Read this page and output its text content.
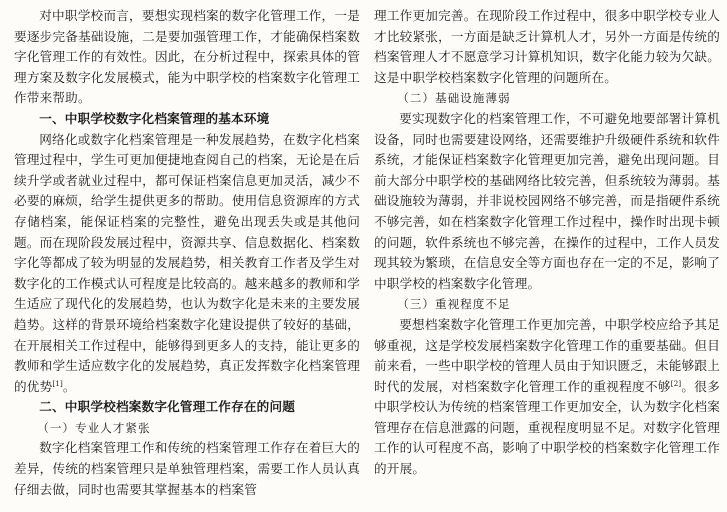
对中职学校而言，要想实现档案的数字化管理工作，一是要逐步完备基础设施，二是要加强管理工作，才能确保档案数字化管理工作的有效性。因此，在分析过程中，探索具体的管理方案及数字化发展模式，能为中职学校的档案数字化管理工作带来帮助。

一、中职学校数字化档案管理的基本环境

网络化或数字化档案管理是一种发展趋势，在数字化档案管理过程中，学生可更加便捷地查阅自己的档案，无论是在后续升学或者就业过程中，都可保证档案信息更加灵活，减少不必要的麻烦，给学生提供更多的帮助。使用信息资源库的方式存储档案，能保证档案的完整性，避免出现丢失或是其他问题。而在现阶段发展过程中，资源共享、信息数据化、档案数字化等都成了较为明显的发展趋势，相关教育工作者及学生对数字化的工作模式认可程度是比较高的。越来越多的教师和学生适应了现代化的发展趋势，也认为数字化是未来的主要发展趋势。这样的背景环境给档案数字化建设提供了较好的基础，在开展相关工作过程中，能够得到更多人的支持，能让更多的教师和学生适应数字化的发展趋势，真正发挥数字化档案管理的优势[1]。

二、中职学校档案数字化管理工作存在的问题

（一）专业人才紧张

数字化档案管理工作和传统的档案管理工作存在着巨大的差异，传统的档案管理只是单独管理档案，需要工作人员认真仔细去做，同时也需要其掌握基本的档案管

理工作更加完善。在现阶段工作过程中，很多中职学校专业人才比较紧张，一方面是缺乏计算机人才，另外一方面是传统的档案管理人才不愿意学习计算机知识，数字化能力较为欠缺。这是中职学校档案数字化管理的问题所在。

（二）基础设施薄弱

要实现数字化的档案管理工作，不可避免地要部署计算机设备，同时也需要建设网络，还需要维护升级硬件系统和软件系统，才能保证档案数字化管理更加完善，避免出现问题。目前大部分中职学校的基础网络比较完善，但系统较为薄弱。基础设施较为薄弱，并非说校园网络不够完善，而是指硬件系统不够完善，如在档案数字化管理工作过程中，操作时出现卡顿的问题，软件系统也不够完善，在操作的过程中，工作人员发现其较为繁琐，在信息安全等方面也存在一定的不足，影响了中职学校的档案数字化管理。

（三）重视程度不足

要想档案数字化管理工作更加完善，中职学校应给予其足够重视，这是学校发展档案数字化管理工作的重要基础。但目前来看，一些中职学校的管理人员由于知识匮乏，未能够跟上时代的发展，对档案数字化管理工作的重视程度不够[2]。很多中职学校认为传统的档案管理工作更加安全，认为数字化档案管理存在信息泄露的问题，重视程度明显不足。对数字化管理工作的认可程度不高，影响了中职学校的档案数字化管理工作的开展。
